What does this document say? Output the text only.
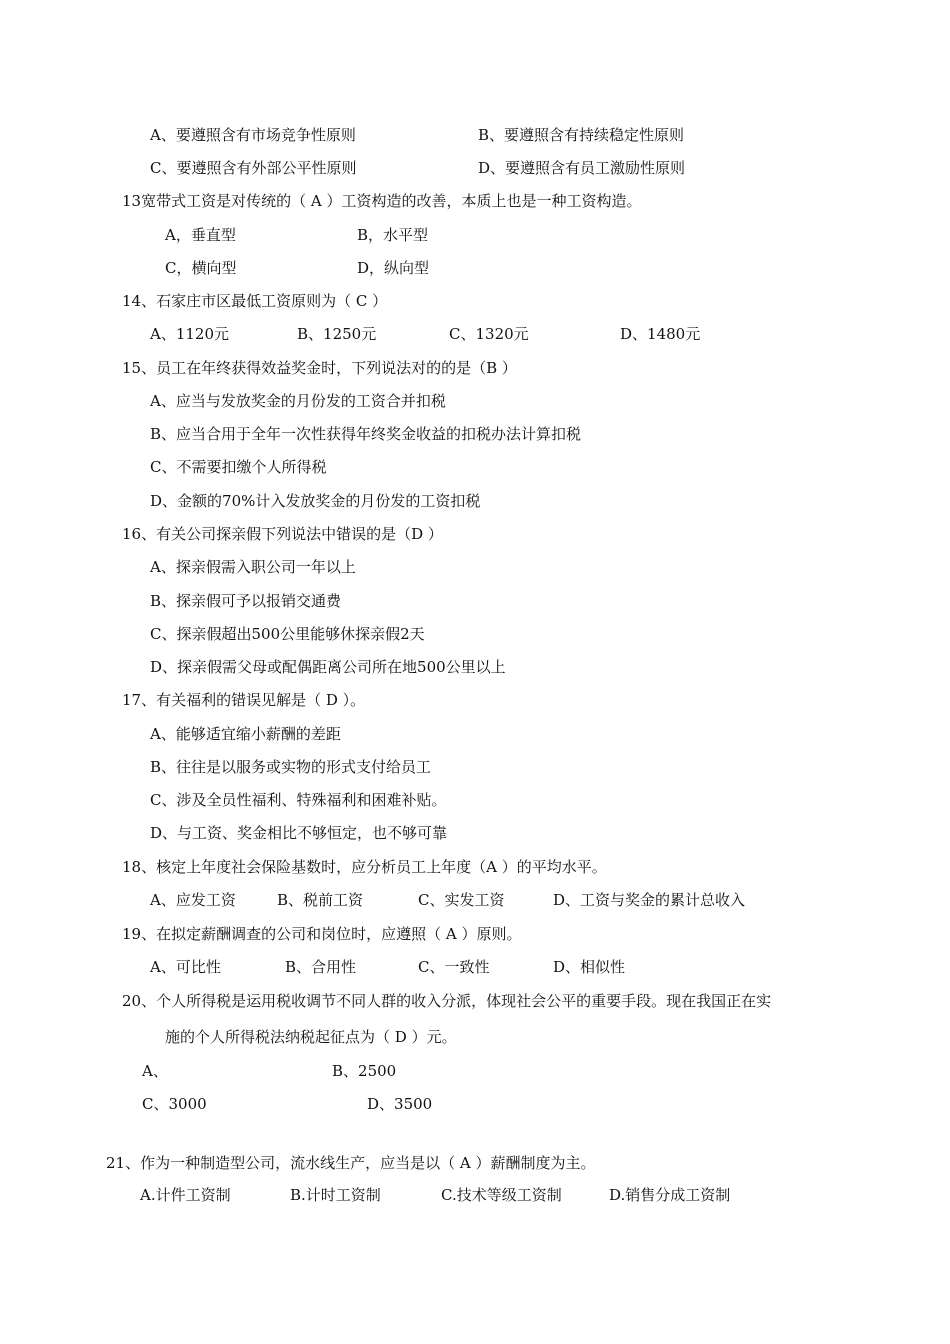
A、要遵照含有市场竞争性原则	B、要遵照含有持续稳定性原则
C、要遵照含有外部公平性原则	D、要遵照含有员工激励性原则
13宽带式工资是对传统的（ A ）工资构造的改善，本质上也是一种工资构造。
A，垂直型	B，水平型
C，横向型	D，纵向型
14、石家庄市区最低工资原则为（ C ）
A、1120元	B、1250元	C、1320元	D、1480元
15、员工在年终获得效益奖金时，下列说法对的的是（B ）
A、应当与发放奖金的月份发的工资合并扣税
B、应当合用于全年一次性获得年终奖金收益的扣税办法计算扣税
C、不需要扣缴个人所得税
D、金额的70%计入发放奖金的月份发的工资扣税
16、有关公司探亲假下列说法中错误的是（D ）
A、探亲假需入职公司一年以上
B、探亲假可予以报销交通费
C、探亲假超出500公里能够休探亲假2天
D、探亲假需父母或配偶距离公司所在地500公里以上
17、有关福利的错误见解是（ D ）。
A、能够适宜缩小薪酬的差距
B、往往是以服务或实物的形式支付给员工
C、涉及全员性福利、特殊福利和困难补贴。
D、与工资、奖金相比不够恒定，也不够可靠
18、核定上年度社会保险基数时，应分析员工上年度（A ）的平均水平。
A、应发工资	B、税前工资	C、实发工资	D、工资与奖金的累计总收入
19、在拟定薪酬调查的公司和岗位时，应遵照（ A ）原则。
A、可比性	B、合用性	C、一致性	D、相似性
20、个人所得税是运用税收调节不同人群的收入分派，体现社会公平的重要手段。现在我国正在实
施的个人所得税法纳税起征点为（ D ）元。
A、	B、2500
C、3000	D、3500
21、作为一种制造型公司，流水线生产，应当是以（ A ）薪酬制度为主。
A.计件工资制	B.计时工资制	C.技术等级工资制	D.销售分成工资制
